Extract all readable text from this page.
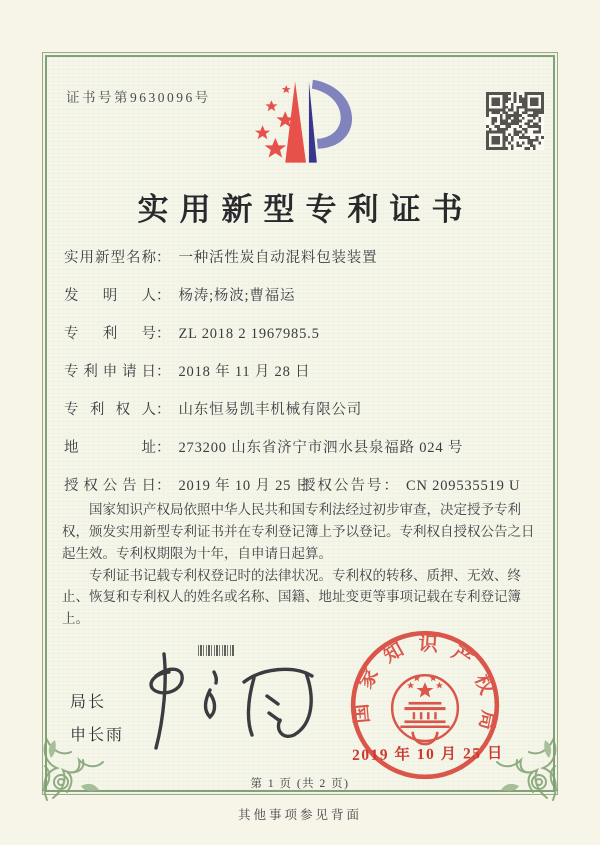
证书号第9630096号
实用新型专利证书
实用新型名称： 一种活性炭自动混料包装装置
发明人： 杨涛;杨波;曹福运
专利号： ZL 2018 2 1967985.5
专利申请日： 2018 年 11 月 28 日
专利权人： 山东恒易凯丰机械有限公司
地址： 273200 山东省济宁市泗水县泉福路 024 号
授权公告日： 2019 年 10 月 25 日
授权公告号： CN 209535519 U

国家知识产权局依照中华人民共和国专利法经过初步审查，决定授予专利权，颁发实用新型专利证书并在专利登记簿上予以登记。专利权自授权公告之日起生效。专利权期限为十年，自申请日起算。

专利证书记载专利权登记时的法律状况。专利权的转移、质押、无效、终止、恢复和专利权人的姓名或名称、国籍、地址变更等事项记载在专利登记簿上。

局长
申长雨
国家知识产权局
2019 年 10 月 25 日
第 1 页 (共 2 页)
其他事项参见背面
